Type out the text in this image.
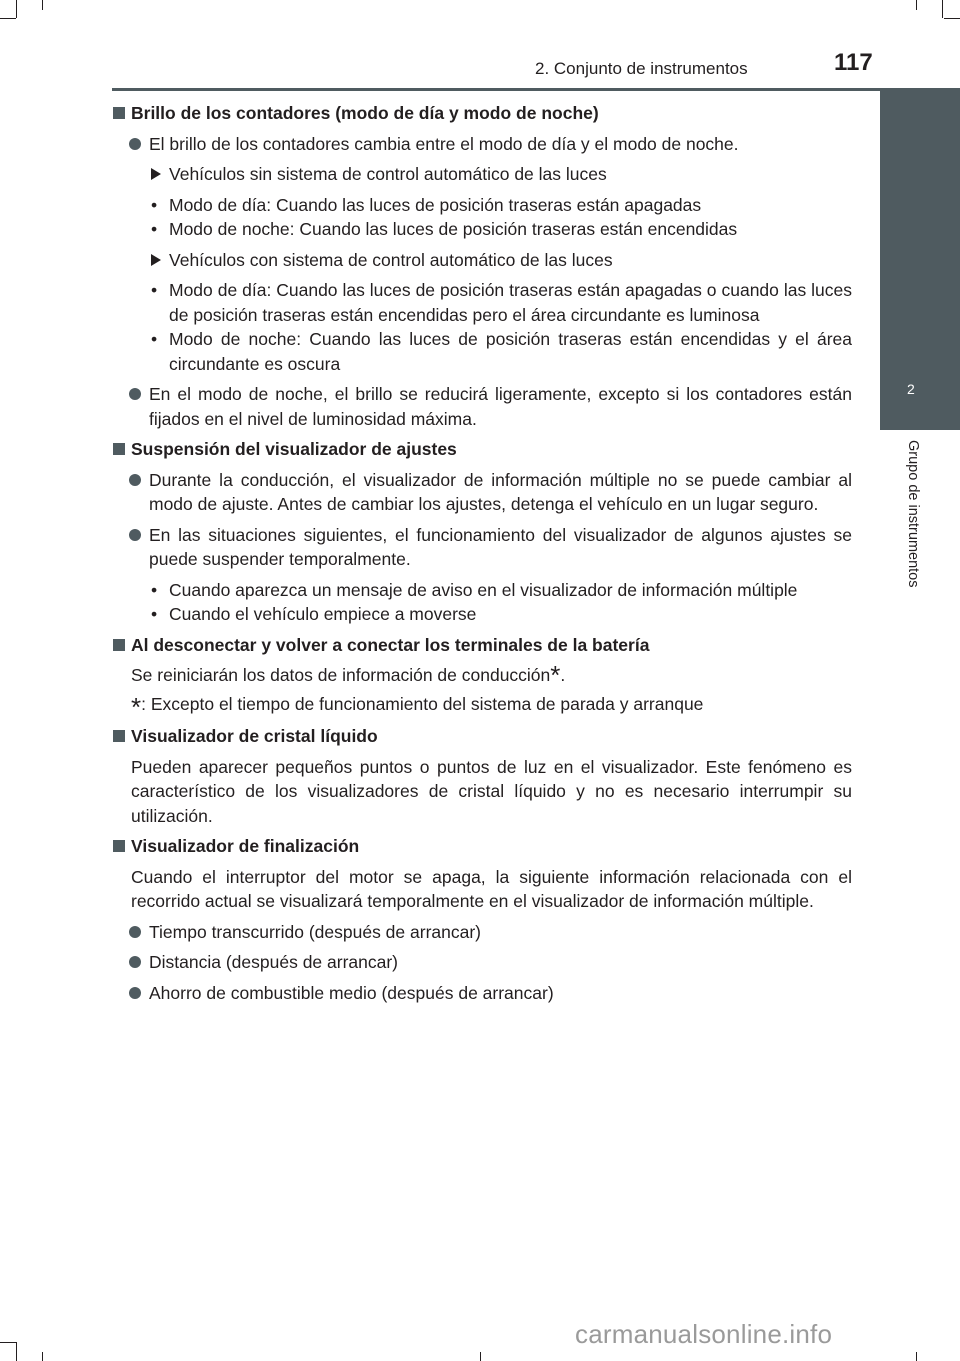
2. Conjunto de instrumentos	117
2
Grupo de instrumentos
Brillo de los contadores (modo de día y modo de noche)
El brillo de los contadores cambia entre el modo de día y el modo de noche.
Vehículos sin sistema de control automático de las luces
• Modo de día: Cuando las luces de posición traseras están apagadas
• Modo de noche: Cuando las luces de posición traseras están encendidas
Vehículos con sistema de control automático de las luces
• Modo de día: Cuando las luces de posición traseras están apagadas o cuando las luces de posición traseras están encendidas pero el área circundante es luminosa
• Modo de noche: Cuando las luces de posición traseras están encendidas y el área circundante es oscura
En el modo de noche, el brillo se reducirá ligeramente, excepto si los contadores están fijados en el nivel de luminosidad máxima.
Suspensión del visualizador de ajustes
Durante la conducción, el visualizador de información múltiple no se puede cambiar al modo de ajuste. Antes de cambiar los ajustes, detenga el vehículo en un lugar seguro.
En las situaciones siguientes, el funcionamiento del visualizador de algunos ajustes se puede suspender temporalmente.
• Cuando aparezca un mensaje de aviso en el visualizador de información múltiple
• Cuando el vehículo empiece a moverse
Al desconectar y volver a conectar los terminales de la batería
Se reiniciarán los datos de información de conducción*.
*: Excepto el tiempo de funcionamiento del sistema de parada y arranque
Visualizador de cristal líquido
Pueden aparecer pequeños puntos o puntos de luz en el visualizador. Este fenómeno es característico de los visualizadores de cristal líquido y no es necesario interrumpir su utilización.
Visualizador de finalización
Cuando el interruptor del motor se apaga, la siguiente información relacionada con el recorrido actual se visualizará temporalmente en el visualizador de información múltiple.
Tiempo transcurrido (después de arrancar)
Distancia (después de arrancar)
Ahorro de combustible medio (después de arrancar)
carmanualsonline.info
